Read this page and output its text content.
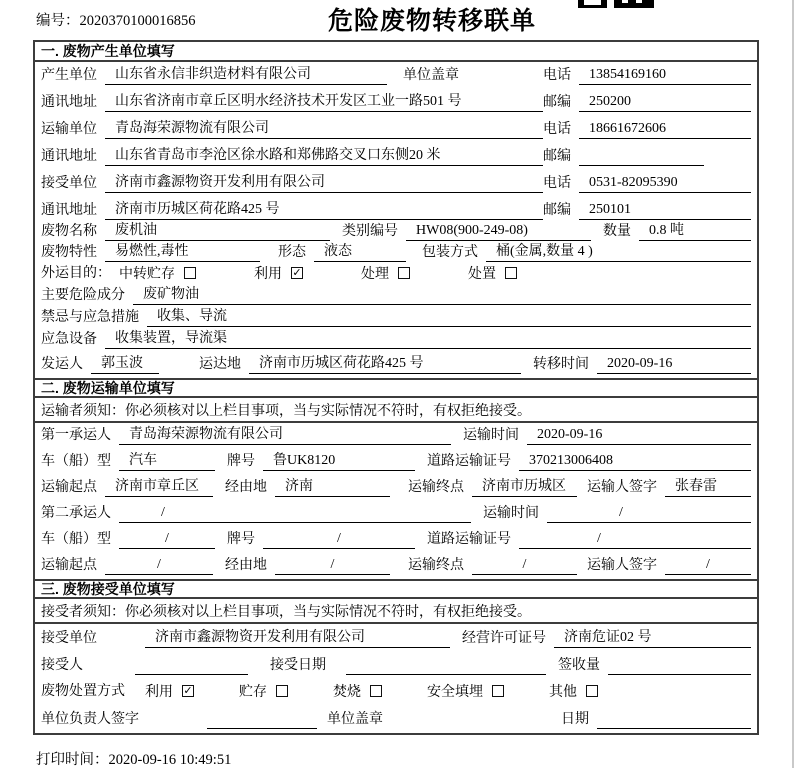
编号：2020370100016856	危险废物转移联单
一. 废物产生单位填写
产生单位	山东省永信非织造材料有限公司	单位盖章	电话	13854169160
通讯地址	山东省济南市章丘区明水经济技术开发区工业一路501 号	邮编	250200
运输单位	青岛海荣源物流有限公司	电话	18661672606
通讯地址	山东省青岛市李沧区徐水路和郑佛路交叉口东侧20 米	邮编
接受单位	济南市鑫源物资开发利用有限公司	电话	0531-82095390
通讯地址	济南市历城区荷花路425 号	邮编	250101
废物名称	废机油	类别编号	HW08(900-249-08)	数量	0.8 吨
废物特性	易燃性,毒性	形态	液态	包装方式	桶(金属,数量 4 )
外运目的： 中转贮存	利用 ✓	处理	处置
主要危险成分	废矿物油
禁忌与应急措施	收集、导流
应急设备	收集装置，导流渠
发运人	郭玉波	运达地	济南市历城区荷花路425 号	转移时间	2020-09-16
二. 废物运输单位填写
运输者须知：你必须核对以上栏目事项，当与实际情况不符时，有权拒绝接受。
第一承运人	青岛海荣源物流有限公司	运输时间	2020-09-16
车（船）型	汽车	牌号	鲁UK8120	道路运输证号	370213006408
运输起点	济南市章丘区	经由地	济南	运输终点	济南市历城区	运输人签字	张春雷
第二承运人	/	运输时间	/
车（船）型	/	牌号	/	道路运输证号	/
运输起点	/	经由地	/	运输终点	/	运输人签字	/
三. 废物接受单位填写
接受者须知：你必须核对以上栏目事项，当与实际情况不符时，有权拒绝接受。
接受单位	济南市鑫源物资开发利用有限公司	经营许可证号	济南危证02 号
接受人	接受日期	签收量
废物处置方式 利用 ✓	贮存	焚烧	安全填埋	其他
单位负责人签字	单位盖章	日期
打印时间：2020-09-16 10:49:51
